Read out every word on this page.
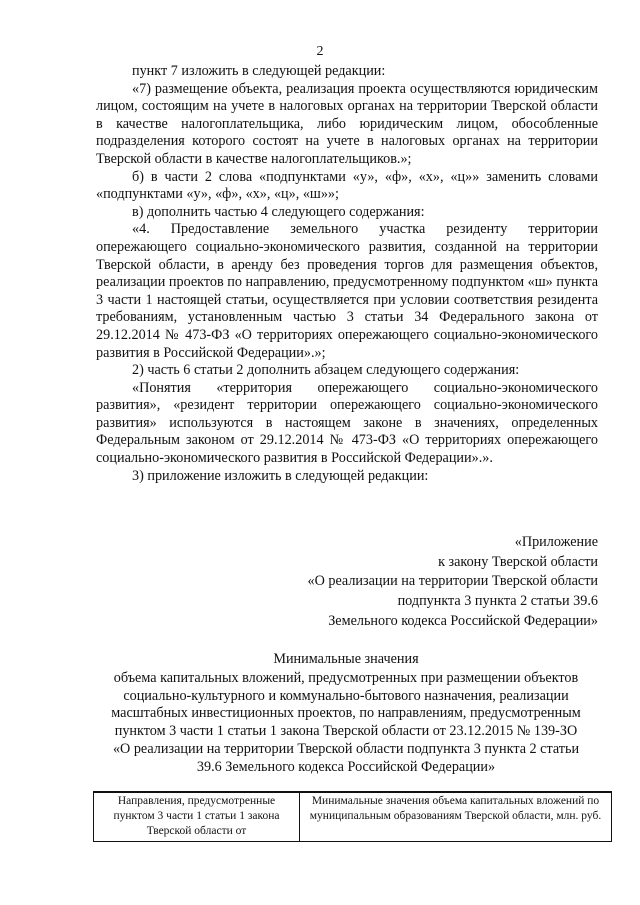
2

пункт 7 изложить в следующей редакции:

«7) размещение объекта, реализация проекта осуществляются юридическим лицом, состоящим на учете в налоговых органах на территории Тверской области в качестве налогоплательщика, либо юридическим лицом, обособленные подразделения которого состоят на учете в налоговых органах на территории Тверской области в качестве налогоплательщиков.»;

б) в части 2 слова «подпунктами «у», «ф», «х», «ц»» заменить словами «подпунктами «у», «ф», «х», «ц», «ш»»;

в) дополнить частью 4 следующего содержания:

«4. Предоставление земельного участка резиденту территории опережающего социально-экономического развития, созданной на территории Тверской области, в аренду без проведения торгов для размещения объектов, реализации проектов по направлению, предусмотренному подпунктом «ш» пункта 3 части 1 настоящей статьи, осуществляется при условии соответствия резидента требованиям, установленным частью 3 статьи 34 Федерального закона от 29.12.2014 № 473-ФЗ «О территориях опережающего социально-экономического развития в Российской Федерации».»;

2) часть 6 статьи 2 дополнить абзацем следующего содержания:

«Понятия «территория опережающего социально-экономического развития», «резидент территории опережающего социально-экономического развития» используются в настоящем законе в значениях, определенных Федеральным законом от 29.12.2014 № 473-ФЗ «О территориях опережающего социально-экономического развития в Российской Федерации».».

3) приложение изложить в следующей редакции:

«Приложение
к закону Тверской области
«О реализации на территории Тверской области
подпункта 3 пункта 2 статьи 39.6
Земельного кодекса Российской Федерации»
Минимальные значения
объема капитальных вложений, предусмотренных при размещении объектов
социально-культурного и коммунально-бытового назначения, реализации
масштабных инвестиционных проектов, по направлениям, предусмотренным
пунктом 3 части 1 статьи 1 закона Тверской области от 23.12.2015 № 139-ЗО
«О реализации на территории Тверской области подпункта 3 пункта 2 статьи
39.6 Земельного кодекса Российской Федерации»
Направления, предусмотренные пунктом 3 части 1 статьи 1 закона Тверской области от	Минимальные значения объема капитальных вложений по муниципальным образованиям Тверской области, млн. руб.
